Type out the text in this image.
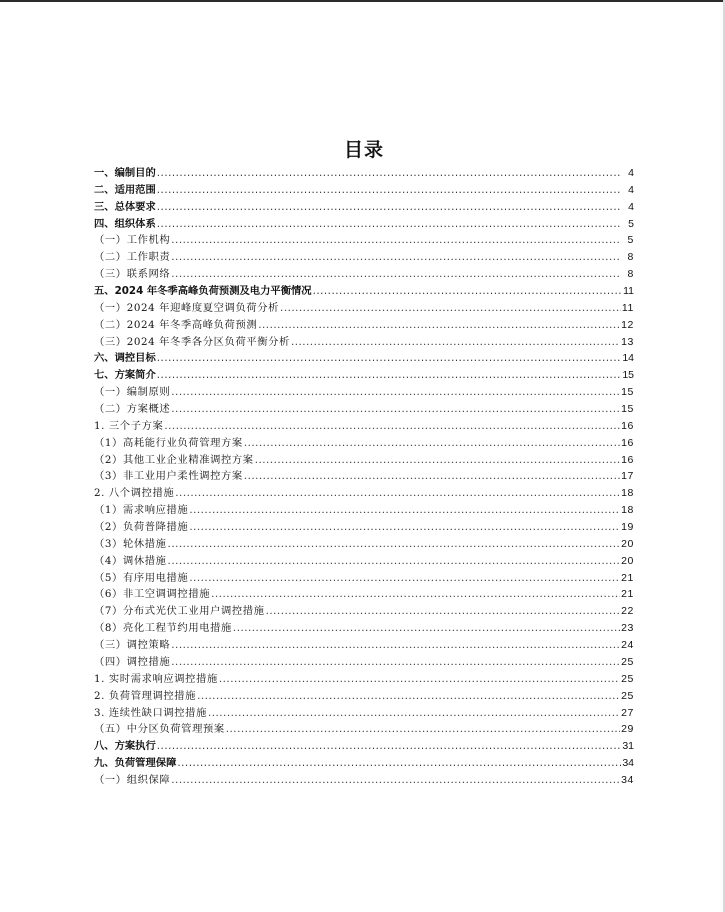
目录
一、编制目的 .....	4
二、适用范围 .....	4
三、总体要求 .....	4
四、组织体系 .....	5
（一）工作机构 .....	5
（二）工作职责 .....	8
（三）联系网络 .....	8
五、2024 年冬季高峰负荷预测及电力平衡情况 .....	11
（一）2024 年迎峰度夏空调负荷分析 .....	11
（二）2024 年冬季高峰负荷预测 .....	12
（三）2024 年冬季各分区负荷平衡分析 .....	13
六、调控目标 .....	14
七、方案简介 .....	15
（一）编制原则 .....	15
（二）方案概述 .....	15
1. 三个子方案 .....	16
（1）高耗能行业负荷管理方案 .....	16
（2）其他工业企业精准调控方案 .....	16
（3）非工业用户柔性调控方案 .....	17
2. 八个调控措施 .....	18
（1）需求响应措施 .....	18
（2）负荷普降措施 .....	19
（3）轮休措施 .....	20
（4）调休措施 .....	20
（5）有序用电措施 .....	21
（6）非工空调调控措施 .....	21
（7）分布式光伏工业用户调控措施 .....	22
（8）亮化工程节约用电措施 .....	23
（三）调控策略 .....	24
（四）调控措施 .....	25
1. 实时需求响应调控措施 .....	25
2. 负荷管理调控措施 .....	25
3. 连续性缺口调控措施 .....	27
（五）中分区负荷管理预案 .....	29
八、方案执行 .....	31
九、负荷管理保障 .....	34
（一）组织保障 .....	34
